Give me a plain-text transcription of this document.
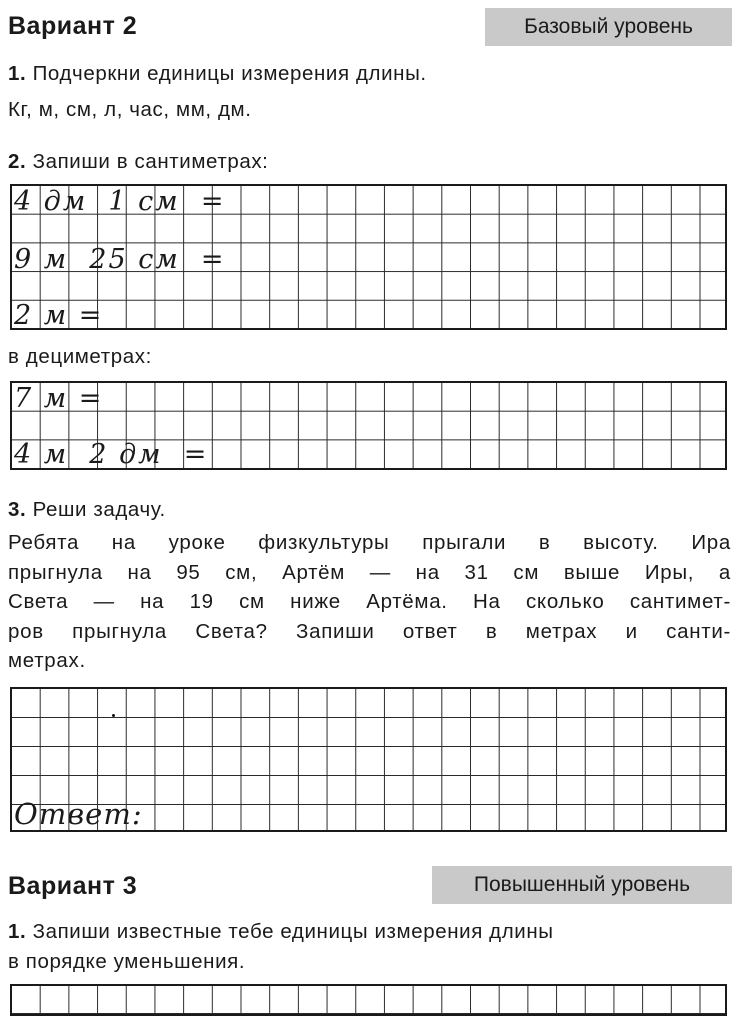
Вариант 2	Базовый уровень
1. Подчеркни единицы измерения длины.
Кг, м, см, л, час, мм, дм.
2. Запиши в сантиметрах:
4 дм  1 см  =
9 м  25 см  =
2 м =
в дециметрах:
7 м =
4 м  2 дм  =
3. Реши задачу.
Ребята на уроке физкультуры прыгали в высоту. Ира
прыгнула на 95 см, Артём — на 31 см выше Иры, а
Света — на 19 см ниже Артёма. На сколько сантимет-
ров прыгнула Света? Запиши ответ в метрах и санти-
метрах.
Ответ:
Вариант 3	Повышенный уровень
1. Запиши известные тебе единицы измерения длины
в порядке уменьшения.
